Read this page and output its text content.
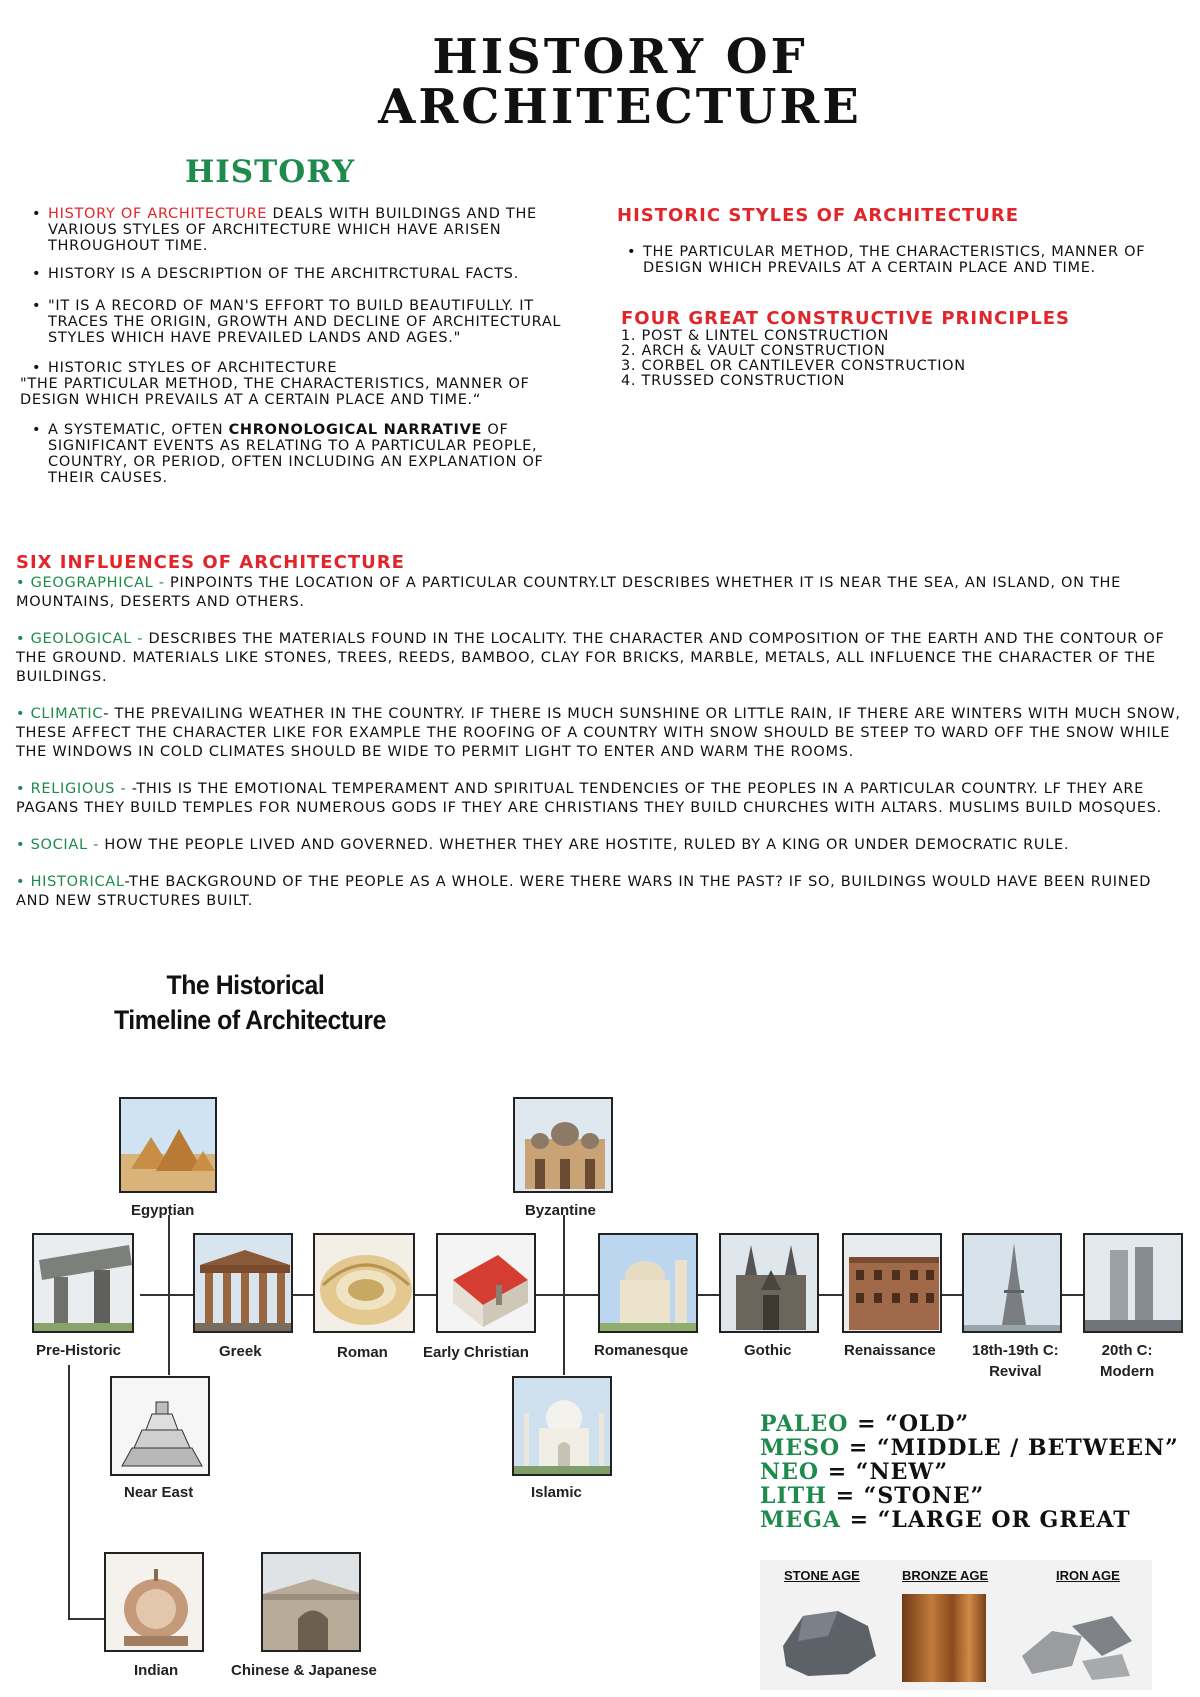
HISTORY OF
ARCHITECTURE
HISTORY
• HISTORY OF ARCHITECTURE DEALS WITH BUILDINGS AND THE VARIOUS STYLES OF ARCHITECTURE WHICH HAVE ARISEN THROUGHOUT TIME.
• HISTORY IS A DESCRIPTION OF THE ARCHITRCTURAL FACTS.
• "IT IS A RECORD OF MAN'S EFFORT TO BUILD BEAUTIFULLY. IT TRACES THE ORIGIN, GROWTH AND DECLINE OF ARCHITECTURAL STYLES WHICH HAVE PREVAILED LANDS AND AGES."
• HISTORIC STYLES OF ARCHITECTURE
"THE PARTICULAR METHOD, THE CHARACTERISTICS, MANNER OF DESIGN WHICH PREVAILS AT A CERTAIN PLACE AND TIME.“
• A SYSTEMATIC, OFTEN CHRONOLOGICAL NARRATIVE OF SIGNIFICANT EVENTS AS RELATING TO A PARTICULAR PEOPLE, COUNTRY, OR PERIOD, OFTEN INCLUDING AN EXPLANATION OF THEIR CAUSES.
HISTORIC STYLES OF ARCHITECTURE
• THE PARTICULAR METHOD, THE CHARACTERISTICS, MANNER OF DESIGN WHICH PREVAILS AT A CERTAIN PLACE AND TIME.
FOUR GREAT CONSTRUCTIVE PRINCIPLES
1. POST & LINTEL CONSTRUCTION
2. ARCH & VAULT CONSTRUCTION
3. CORBEL OR CANTILEVER CONSTRUCTION
4. TRUSSED CONSTRUCTION
SIX INFLUENCES OF ARCHITECTURE
• GEOGRAPHICAL - PINPOINTS THE LOCATION OF A PARTICULAR COUNTRY.LT DESCRIBES WHETHER IT IS NEAR THE SEA, AN ISLAND, ON THE MOUNTAINS, DESERTS AND OTHERS.
• GEOLOGICAL - DESCRIBES THE MATERIALS FOUND IN THE LOCALITY. THE CHARACTER AND COMPOSITION OF THE EARTH AND THE CONTOUR OF THE GROUND. MATERIALS LIKE STONES, TREES, REEDS, BAMBOO, CLAY FOR BRICKS, MARBLE, METALS, ALL INFLUENCE THE CHARACTER OF THE BUILDINGS.
• CLIMATIC- THE PREVAILING WEATHER IN THE COUNTRY. IF THERE IS MUCH SUNSHINE OR LITTLE RAIN, IF THERE ARE WINTERS WITH MUCH SNOW, THESE AFFECT THE CHARACTER LIKE FOR EXAMPLE THE ROOFING OF A COUNTRY WITH SNOW SHOULD BE STEEP TO WARD OFF THE SNOW WHILE THE WINDOWS IN COLD CLIMATES SHOULD BE WIDE TO PERMIT LIGHT TO ENTER AND WARM THE ROOMS.
• RELIGIOUS - -THIS IS THE EMOTIONAL TEMPERAMENT AND SPIRITUAL TENDENCIES OF THE PEOPLES IN A PARTICULAR COUNTRY. LF THEY ARE PAGANS THEY BUILD TEMPLES FOR NUMEROUS GODS IF THEY ARE CHRISTIANS THEY BUILD CHURCHES WITH ALTARS. MUSLIMS BUILD MOSQUES.
• SOCIAL - HOW THE PEOPLE LIVED AND GOVERNED. WHETHER THEY ARE HOSTITE, RULED BY A KING OR UNDER DEMOCRATIC RULE.
• HISTORICAL-THE BACKGROUND OF THE PEOPLE AS A WHOLE. WERE THERE WARS IN THE PAST? IF SO, BUILDINGS WOULD HAVE BEEN RUINED AND NEW STRUCTURES BUILT.
The Historical
Timeline of Architecture
Egyptian	Byzantine
Pre-Historic	Greek	Roman Early Christian	Romanesque	Gothic	Renaissance 18th-19th C:
Revival
20th C:
Modern
Near East	Islamic
Indian	Chinese & Japanese
PALEO = “OLD”
MESO = “MIDDLE / BETWEEN”
NEO = “NEW”
LITH = “STONE”
MEGA = “LARGE OR GREAT
STONE AGE	BRONZE AGE	IRON AGE
